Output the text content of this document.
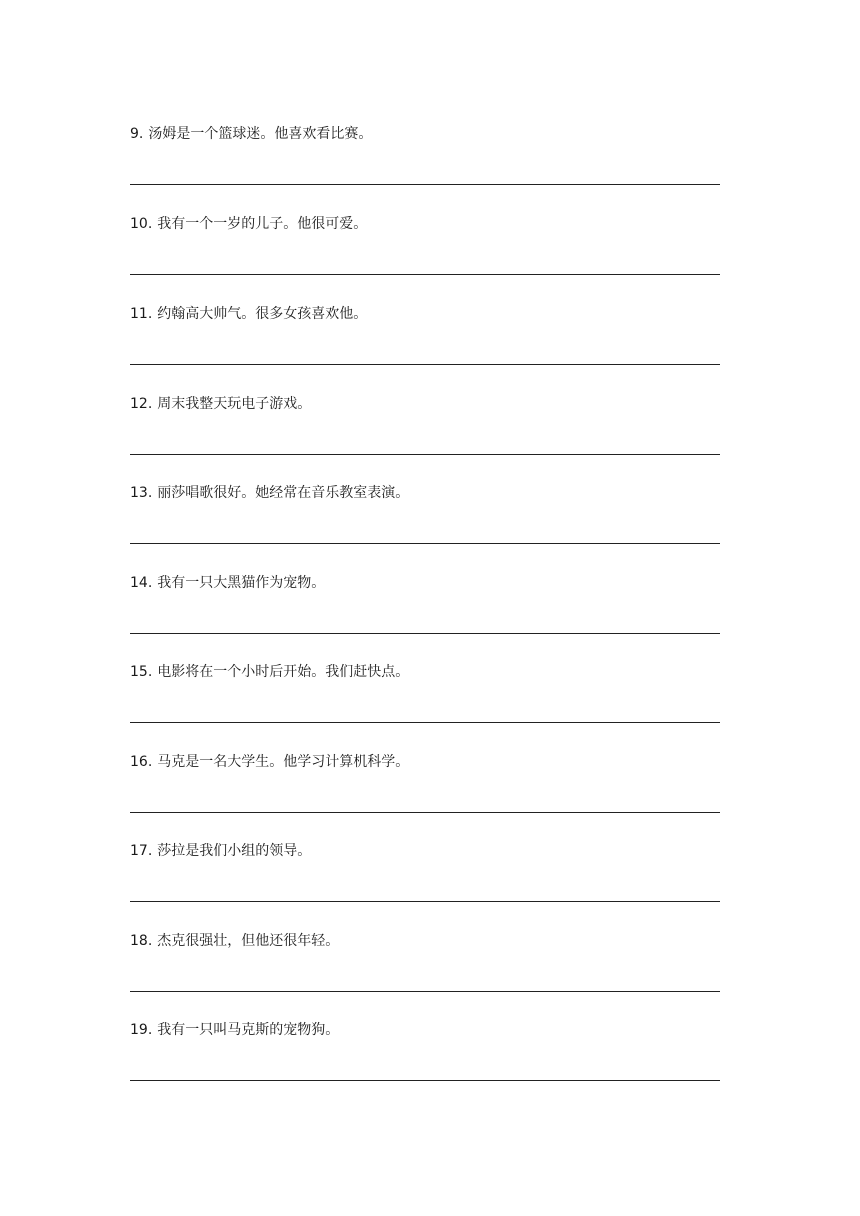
9. 汤姆是一个篮球迷。他喜欢看比赛。
10. 我有一个一岁的儿子。他很可爱。
11. 约翰高大帅气。很多女孩喜欢他。
12. 周末我整天玩电子游戏。
13. 丽莎唱歌很好。她经常在音乐教室表演。
14. 我有一只大黑猫作为宠物。
15. 电影将在一个小时后开始。我们赶快点。
16. 马克是一名大学生。他学习计算机科学。
17. 莎拉是我们小组的领导。
18. 杰克很强壮，但他还很年轻。
19. 我有一只叫马克斯的宠物狗。
